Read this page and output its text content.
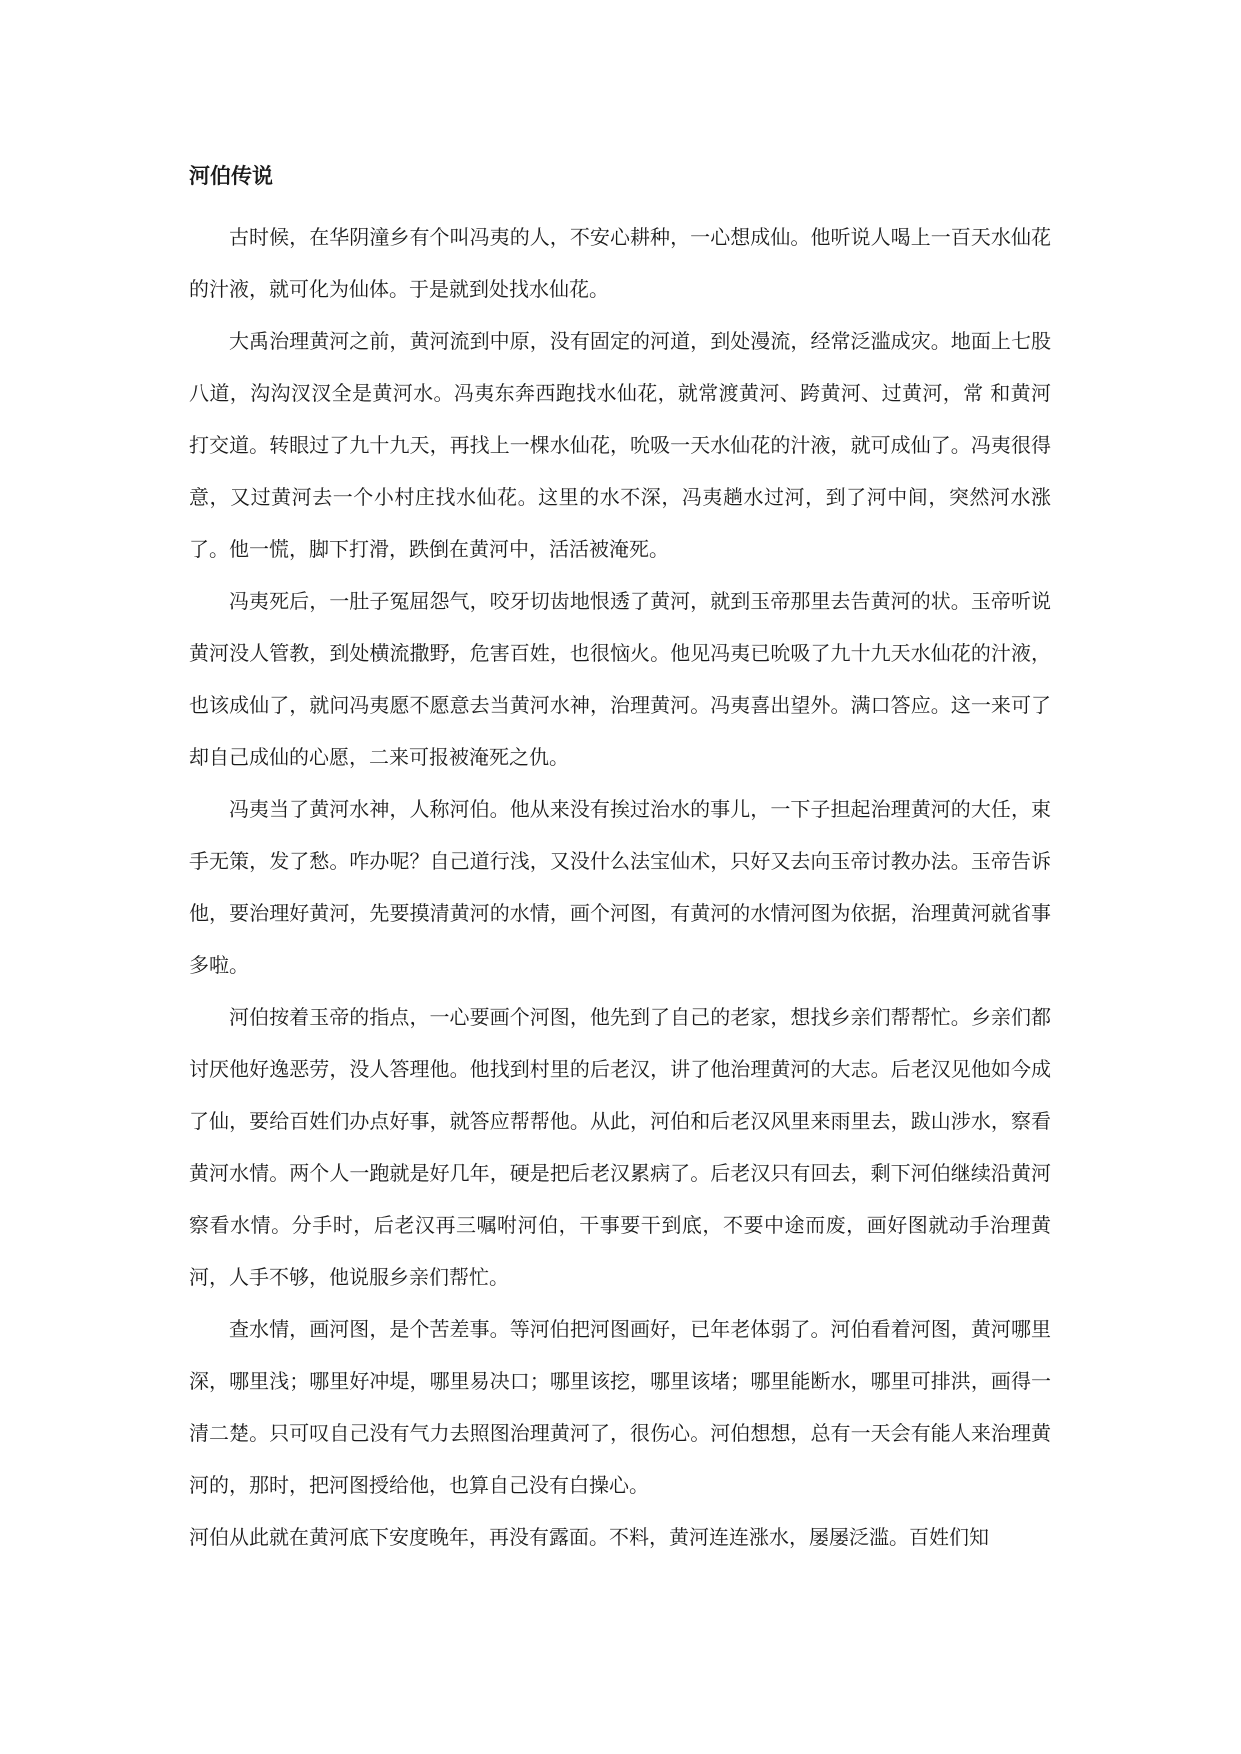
河伯传说

古时候，在华阴潼乡有个叫冯夷的人，不安心耕种，一心想成仙。他听说人喝上一百天水仙花的汁液，就可化为仙体。于是就到处找水仙花。

大禹治理黄河之前，黄河流到中原，没有固定的河道，到处漫流，经常泛滥成灾。地面上七股八道，沟沟汊汊全是黄河水。冯夷东奔西跑找水仙花，就常渡黄河、跨黄河、过黄河，常 和黄河打交道。转眼过了九十九天，再找上一棵水仙花，吮吸一天水仙花的汁液，就可成仙了。冯夷很得意，又过黄河去一个小村庄找水仙花。这里的水不深，冯夷趟水过河，到了河中间，突然河水涨了。他一慌，脚下打滑，跌倒在黄河中，活活被淹死。

冯夷死后，一肚子冤屈怨气，咬牙切齿地恨透了黄河，就到玉帝那里去告黄河的状。玉帝听说黄河没人管教，到处横流撒野，危害百姓，也很恼火。他见冯夷已吮吸了九十九天水仙花的汁液，也该成仙了，就问冯夷愿不愿意去当黄河水神，治理黄河。冯夷喜出望外。满口答应。这一来可了却自己成仙的心愿，二来可报被淹死之仇。

冯夷当了黄河水神，人称河伯。他从来没有挨过治水的事儿，一下子担起治理黄河的大任，束手无策，发了愁。咋办呢？自己道行浅，又没什么法宝仙术，只好又去向玉帝讨教办法。玉帝告诉他，要治理好黄河，先要摸清黄河的水情，画个河图，有黄河的水情河图为依据，治理黄河就省事多啦。

河伯按着玉帝的指点，一心要画个河图，他先到了自己的老家，想找乡亲们帮帮忙。乡亲们都讨厌他好逸恶劳，没人答理他。他找到村里的后老汉，讲了他治理黄河的大志。后老汉见他如今成了仙，要给百姓们办点好事，就答应帮帮他。从此，河伯和后老汉风里来雨里去，跋山涉水，察看黄河水情。两个人一跑就是好几年，硬是把后老汉累病了。后老汉只有回去，剩下河伯继续沿黄河察看水情。分手时，后老汉再三嘱咐河伯，干事要干到底，不要中途而废，画好图就动手治理黄河，人手不够，他说服乡亲们帮忙。

查水情，画河图，是个苦差事。等河伯把河图画好，已年老体弱了。河伯看着河图，黄河哪里深，哪里浅；哪里好冲堤，哪里易决口；哪里该挖，哪里该堵；哪里能断水，哪里可排洪，画得一清二楚。只可叹自己没有气力去照图治理黄河了，很伤心。河伯想想，总有一天会有能人来治理黄河的，那时，把河图授给他，也算自己没有白操心。

河伯从此就在黄河底下安度晚年，再没有露面。不料，黄河连连涨水，屡屡泛滥。百姓们知
